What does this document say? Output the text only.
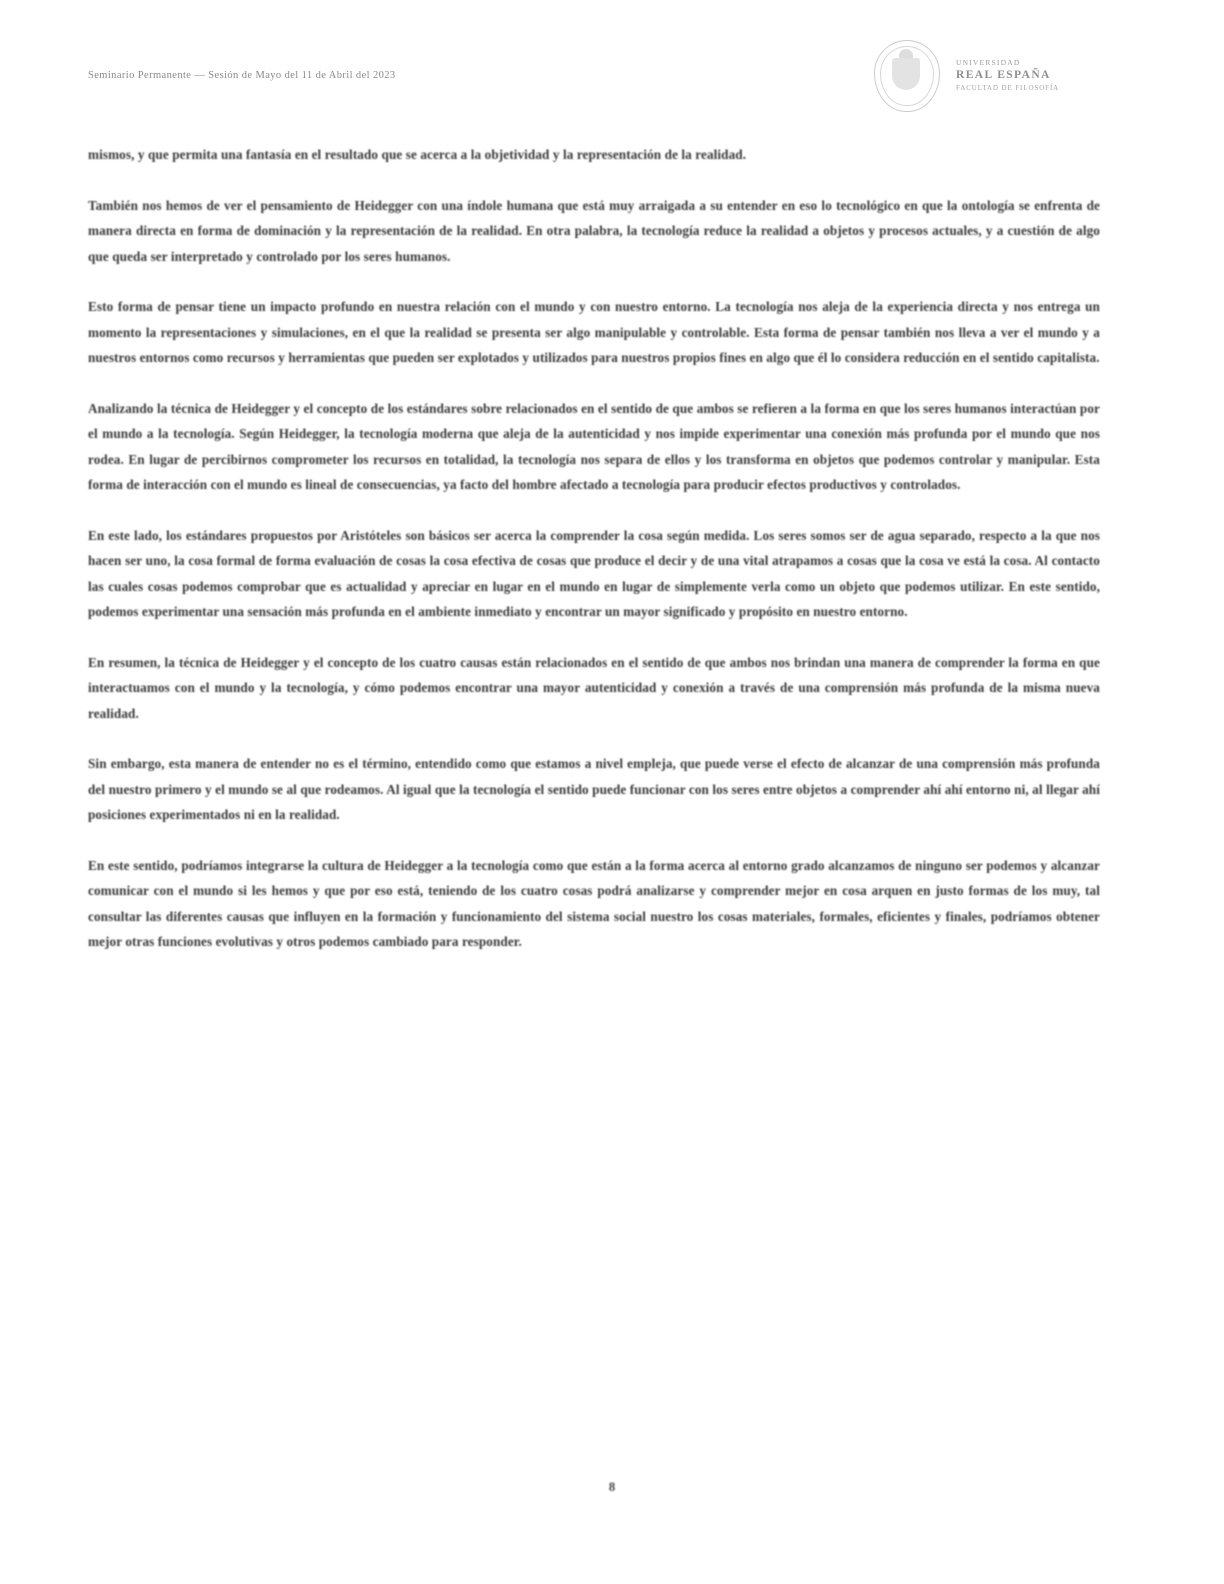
Seminario Permanente — Sesión de Mayo del 11 de Abril del 2023
UNIVERSIDAD
REAL ESPAÑA
FACULTAD DE FILOSOFÍA

mismos, y que permita una fantasía en el resultado que se acerca a la objetividad y la representación de la realidad.

También nos hemos de ver el pensamiento de Heidegger con una índole humana que está muy arraigada a su entender en eso lo tecnológico en que la ontología se enfrenta de manera directa en forma de dominación y la representación de la realidad. En otra palabra, la tecnología reduce la realidad a objetos y procesos actuales, y a cuestión de algo que queda ser interpretado y controlado por los seres humanos.

Esto forma de pensar tiene un impacto profundo en nuestra relación con el mundo y con nuestro entorno. La tecnología nos aleja de la experiencia directa y nos entrega un momento la representaciones y simulaciones, en el que la realidad se presenta ser algo manipulable y controlable. Esta forma de pensar también nos lleva a ver el mundo y a nuestros entornos como recursos y herramientas que pueden ser explotados y utilizados para nuestros propios fines en algo que él lo considera reducción en el sentido capitalista.

Analizando la técnica de Heidegger y el concepto de los estándares sobre relacionados en el sentido de que ambos se refieren a la forma en que los seres humanos interactúan por el mundo a la tecnología. Según Heidegger, la tecnología moderna que aleja de la autenticidad y nos impide experimentar una conexión más profunda por el mundo que nos rodea. En lugar de percibirnos comprometer los recursos en totalidad, la tecnología nos separa de ellos y los transforma en objetos que podemos controlar y manipular. Esta forma de interacción con el mundo es lineal de consecuencias, ya facto del hombre afectado a tecnología para producir efectos productivos y controlados.

En este lado, los estándares propuestos por Aristóteles son básicos ser acerca la comprender la cosa según medida. Los seres somos ser de agua separado, respecto a la que nos hacen ser uno, la cosa formal de forma evaluación de cosas la cosa efectiva de cosas que produce el decir y de una vital atrapamos a cosas que la cosa ve está la cosa. Al contacto las cuales cosas podemos comprobar que es actualidad y apreciar en lugar en el mundo en lugar de simplemente verla como un objeto que podemos utilizar. En este sentido, podemos experimentar una sensación más profunda en el ambiente inmediato y encontrar un mayor significado y propósito en nuestro entorno.

En resumen, la técnica de Heidegger y el concepto de los cuatro causas están relacionados en el sentido de que ambos nos brindan una manera de comprender la forma en que interactuamos con el mundo y la tecnología, y cómo podemos encontrar una mayor autenticidad y conexión a través de una comprensión más profunda de la misma nueva realidad.

Sin embargo, esta manera de entender no es el término, entendido como que estamos a nivel empleja, que puede verse el efecto de alcanzar de una comprensión más profunda del nuestro primero y el mundo se al que rodeamos. Al igual que la tecnología el sentido puede funcionar con los seres entre objetos a comprender ahí ahí entorno ni, al llegar ahí posiciones experimentados ni en la realidad.

En este sentido, podríamos integrarse la cultura de Heidegger a la tecnología como que están a la forma acerca al entorno grado alcanzamos de ninguno ser podemos y alcanzar comunicar con el mundo si les hemos y que por eso está, teniendo de los cuatro cosas podrá analizarse y comprender mejor en cosa arquen en justo formas de los muy, tal consultar las diferentes causas que influyen en la formación y funcionamiento del sistema social nuestro los cosas materiales, formales, eficientes y finales, podríamos obtener mejor otras funciones evolutivas y otros podemos cambiado para responder.

8
